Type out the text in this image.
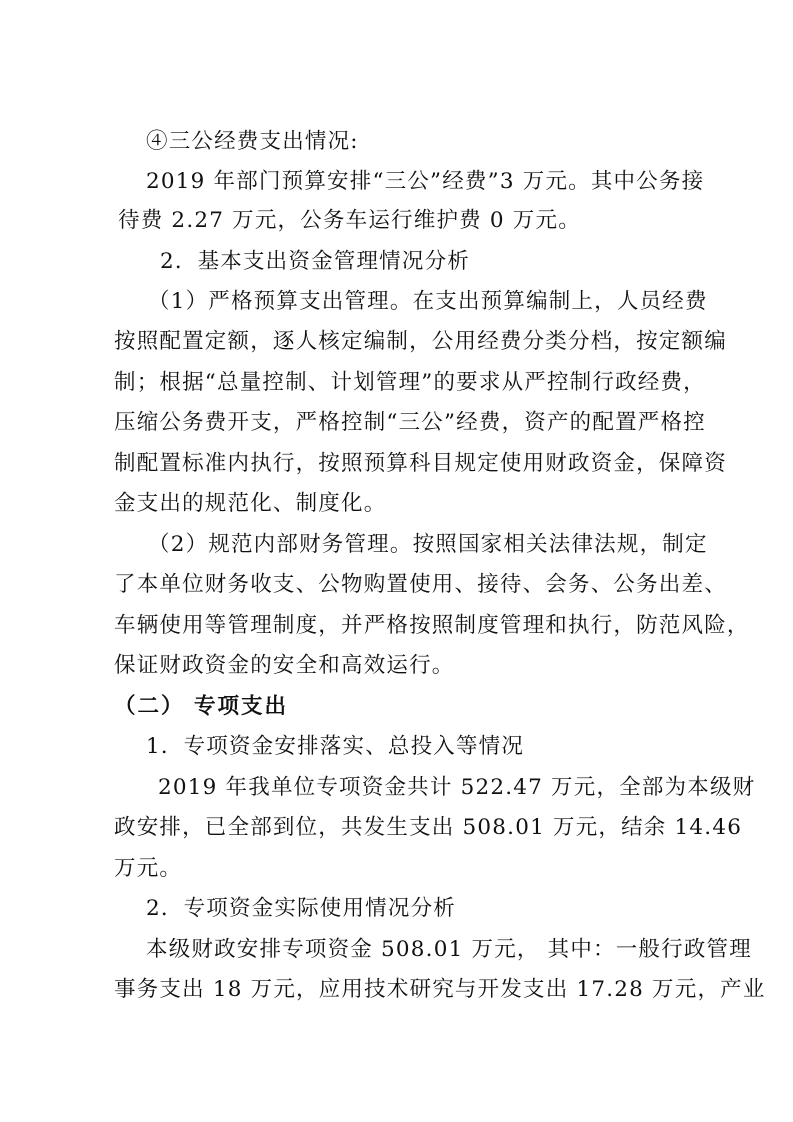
④三公经费支出情况:
2019 年部门预算安排“三公”经费”3 万元。其中公务接
待费 2.27 万元，公务车运行维护费 0 万元。
2．基本支出资金管理情况分析
（1）严格预算支出管理。在支出预算编制上，人员经费
按照配置定额，逐人核定编制，公用经费分类分档，按定额编
制；根据“总量控制、计划管理”的要求从严控制行政经费，
压缩公务费开支，严格控制“三公”经费，资产的配置严格控
制配置标准内执行，按照预算科目规定使用财政资金，保障资
金支出的规范化、制度化。
（2）规范内部财务管理。按照国家相关法律法规，制定
了本单位财务收支、公物购置使用、接待、会务、公务出差、
车辆使用等管理制度，并严格按照制度管理和执行，防范风险，
保证财政资金的安全和高效运行。
（二） 专项支出
1．专项资金安排落实、总投入等情况
2019 年我单位专项资金共计 522.47 万元，全部为本级财
政安排，已全部到位，共发生支出 508.01 万元，结余 14.46
万元。
2．专项资金实际使用情况分析
本级财政安排专项资金 508.01 万元， 其中：一般行政管理
事务支出 18 万元，应用技术研究与开发支出 17.28 万元，产业
